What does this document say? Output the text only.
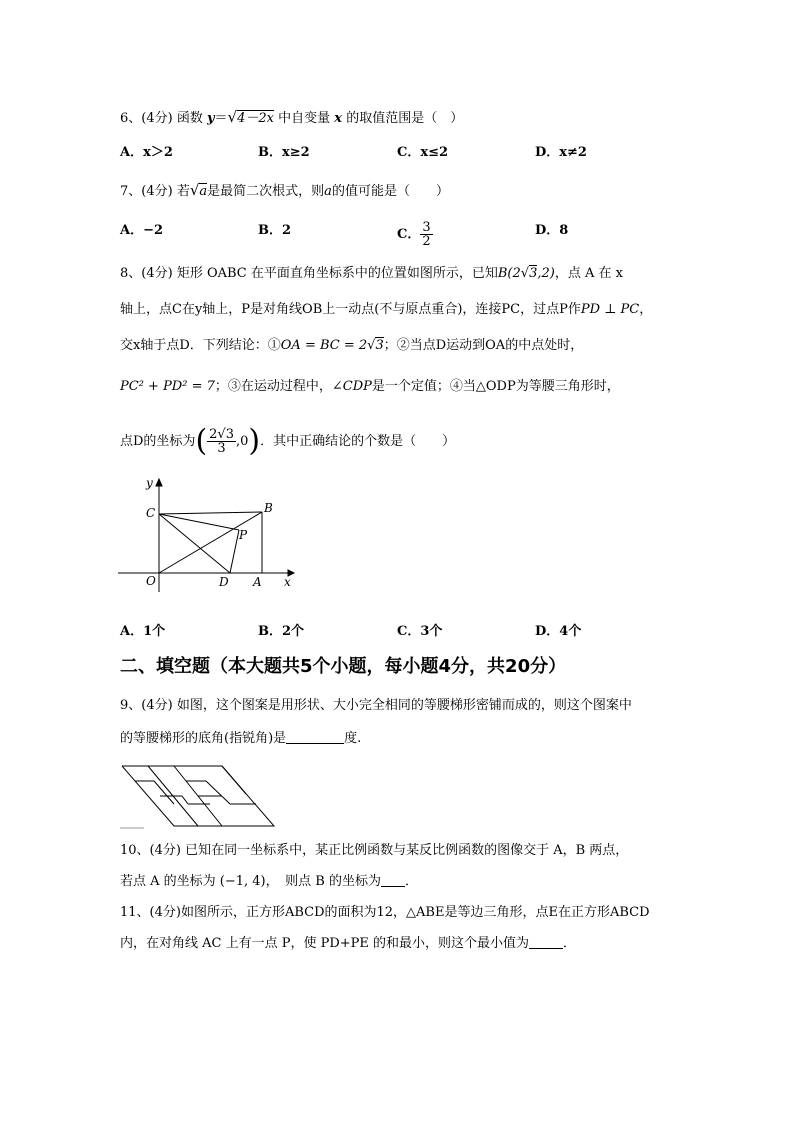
6、(4分) 函数 y＝√4－2x 中自变量 x 的取值范围是（　）
A．x＞2	B．x≥2	C．x≤2	D．x≠2
7、(4分) 若√a是最简二次根式，则a的值可能是（　　）
A．−2	B．2	C． $\frac{3}{2}$	D．8
8、(4分) 矩形 OABC 在平面直角坐标系中的位置如图所示，已知B(2√3,2)，点 A 在 x
轴上，点C在y轴上，P是对角线OB上一动点(不与原点重合)，连接PC，过点P作PD ⊥ PC，
交x轴于点D．下列结论：①OA = BC = 2√3；②当点D运动到OA的中点处时，
PC² + PD² = 7；③在运动过程中，∠CDP是一个定值；④当△ODP为等腰三角形时，
点D的坐标为( $\frac{2√3}{3} ,0$)．其中正确结论的个数是（　　）
y
x
C	B
P
O	D A
A．1个	B．2个	C．3个	D．4个
二、填空题（本大题共5个小题，每小题4分，共20分）
9、(4分) 如图，这个图案是用形状、大小完全相同的等腰梯形密铺而成的，则这个图案中
的等腰梯形的底角(指锐角)是	度.
10、(4分) 已知在同一坐标系中，某正比例函数与某反比例函数的图像交于 A，B 两点，
若点 A 的坐标为 (−1, 4)，　则点 B 的坐标为 ．
11、(4分)如图所示，正方形ABCD的面积为12，△ABE是等边三角形，点E在正方形ABCD
内，在对角线 AC 上有一点 P，使 PD+PE 的和最小，则这个最小值为	．
